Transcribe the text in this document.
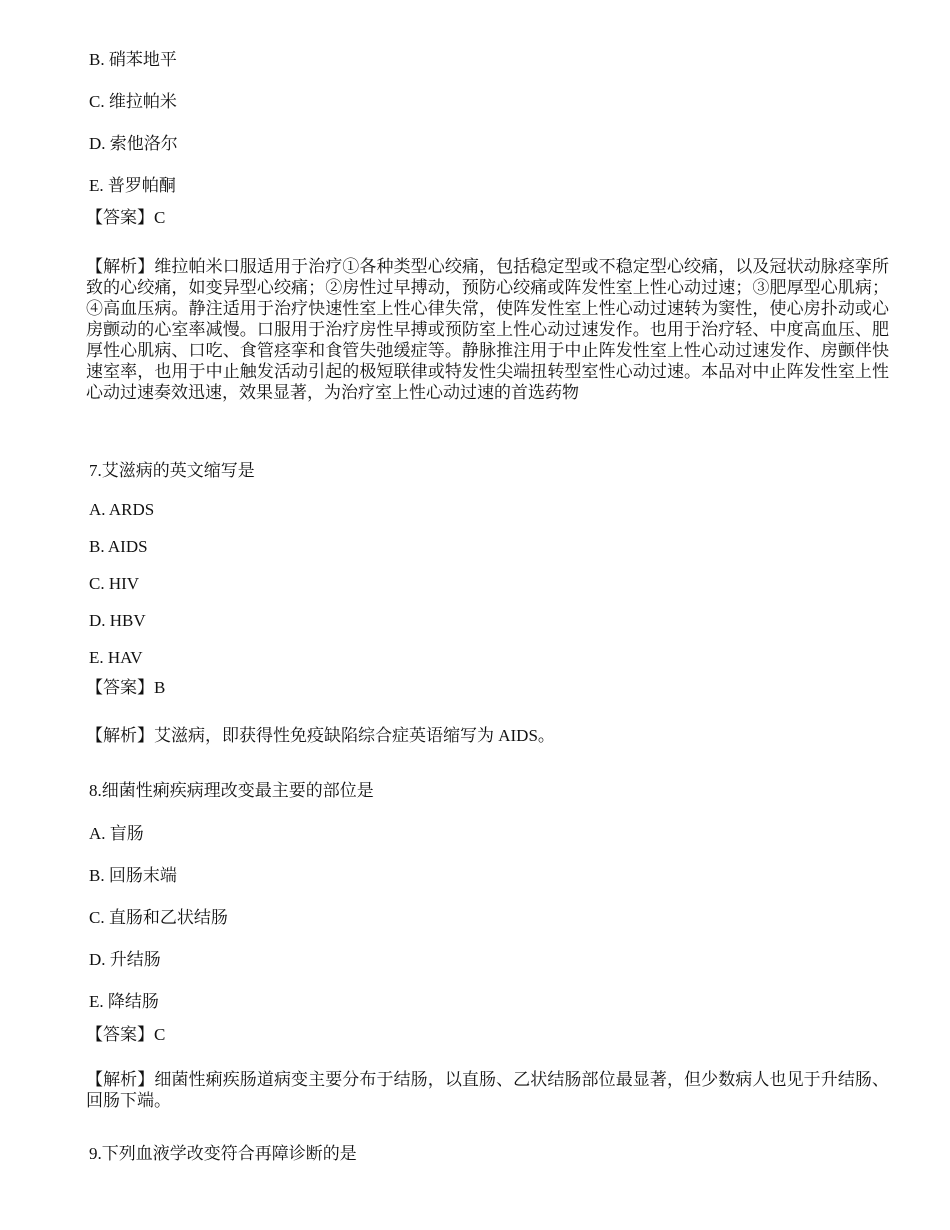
B. 硝苯地平
C. 维拉帕米
D. 索他洛尔
E. 普罗帕酮
【答案】C
【解析】维拉帕米口服适用于治疗①各种类型心绞痛，包括稳定型或不稳定型心绞痛，以及冠状动脉痉挛所致的心绞痛，如变异型心绞痛；②房性过早搏动，预防心绞痛或阵发性室上性心动过速；③肥厚型心肌病；④高血压病。静注适用于治疗快速性室上性心律失常，使阵发性室上性心动过速转为窦性，使心房扑动或心房颤动的心室率减慢。口服用于治疗房性早搏或预防室上性心动过速发作。也用于治疗轻、中度高血压、肥厚性心肌病、口吃、食管痉挛和食管失弛缓症等。静脉推注用于中止阵发性室上性心动过速发作、房颤伴快速室率，也用于中止触发活动引起的极短联律或特发性尖端扭转型室性心动过速。本品对中止阵发性室上性心动过速奏效迅速，效果显著，为治疗室上性心动过速的首选药物
7.艾滋病的英文缩写是
A. ARDS
B. AIDS
C. HIV
D. HBV
E. HAV
【答案】B
【解析】艾滋病，即获得性免疫缺陷综合症英语缩写为 AIDS。
8.细菌性痢疾病理改变最主要的部位是
A. 盲肠
B. 回肠末端
C. 直肠和乙状结肠
D. 升结肠
E. 降结肠
【答案】C
【解析】细菌性痢疾肠道病变主要分布于结肠，以直肠、乙状结肠部位最显著，但少数病人也见于升结肠、回肠下端。
9.下列血液学改变符合再障诊断的是
